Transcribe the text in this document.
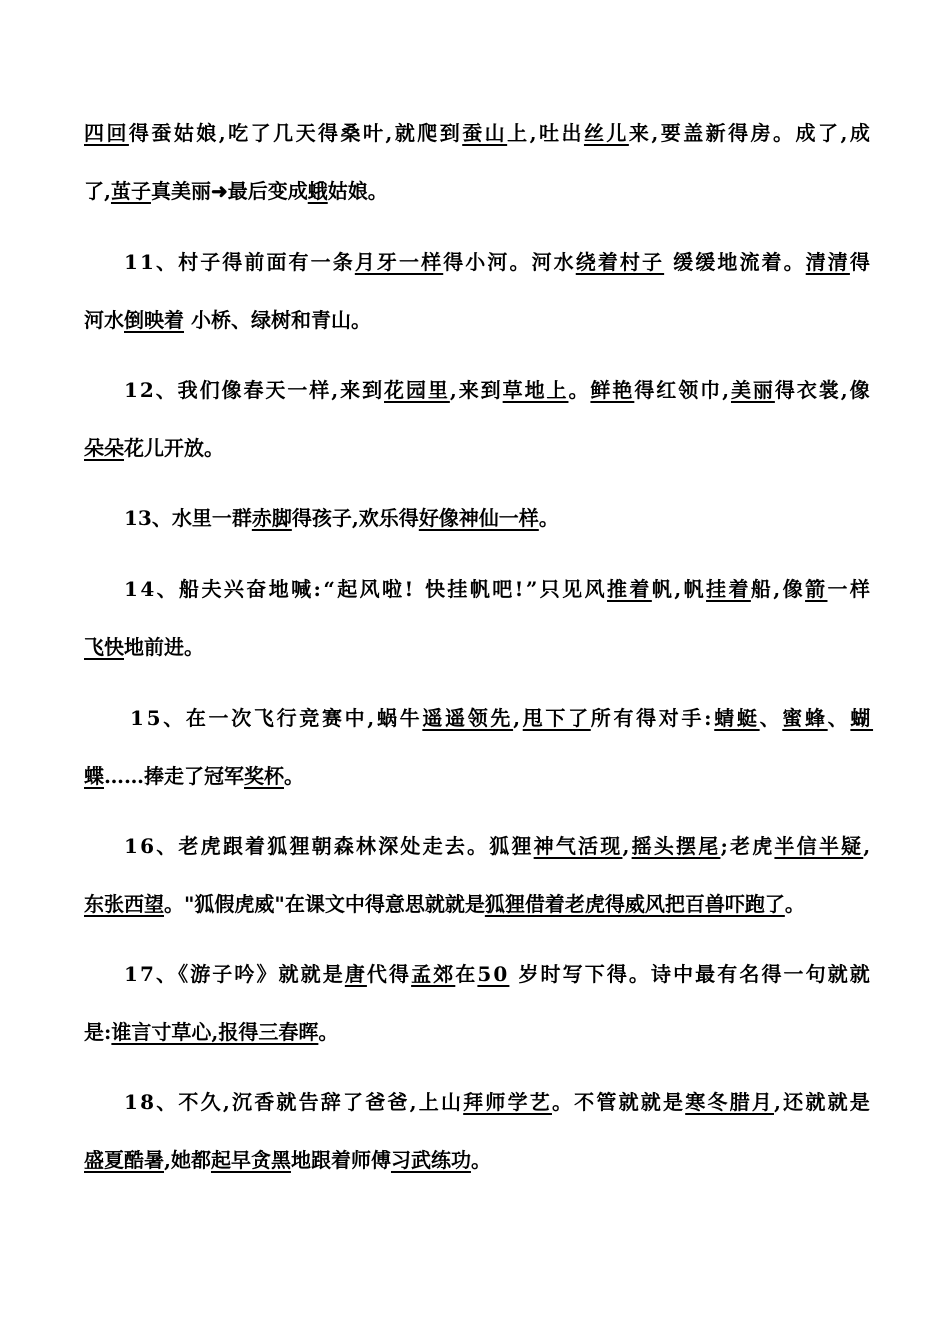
四回得蚕姑娘,吃了几天得桑叶,就爬到蚕山上,吐出丝儿来,要盖新得房。成了,成
了,茧子真美丽➜最后变成蛾姑娘。
11、村子得前面有一条月牙一样得小河。河水绕着村子 缓缓地流着。清清得
河水倒映着 小桥、绿树和青山。
12、我们像春天一样,来到花园里,来到草地上。鲜艳得红领巾,美丽得衣裳,像
朵朵花儿开放。
13、水里一群赤脚得孩子,欢乐得好像神仙一样。
14、船夫兴奋地喊:“起风啦! 快挂帆吧!”只见风推着帆,帆挂着船,像箭一样
飞快地前进。
15、在一次飞行竞赛中,蜗牛遥遥领先,甩下了所有得对手:蜻蜓、蜜蜂、蝴
蝶……捧走了冠军奖杯。
16、老虎跟着狐狸朝森林深处走去。狐狸神气活现,摇头摆尾;老虎半信半疑,
东张西望。"狐假虎威"在课文中得意思就就是狐狸借着老虎得威风把百兽吓跑了。
17、《游子吟》就就是唐代得孟郊在50 岁时写下得。诗中最有名得一句就就
是:谁言寸草心,报得三春晖。
18、不久,沉香就告辞了爸爸,上山拜师学艺。不管就就是寒冬腊月,还就就是
盛夏酷暑,她都起早贪黑地跟着师傅习武练功。
